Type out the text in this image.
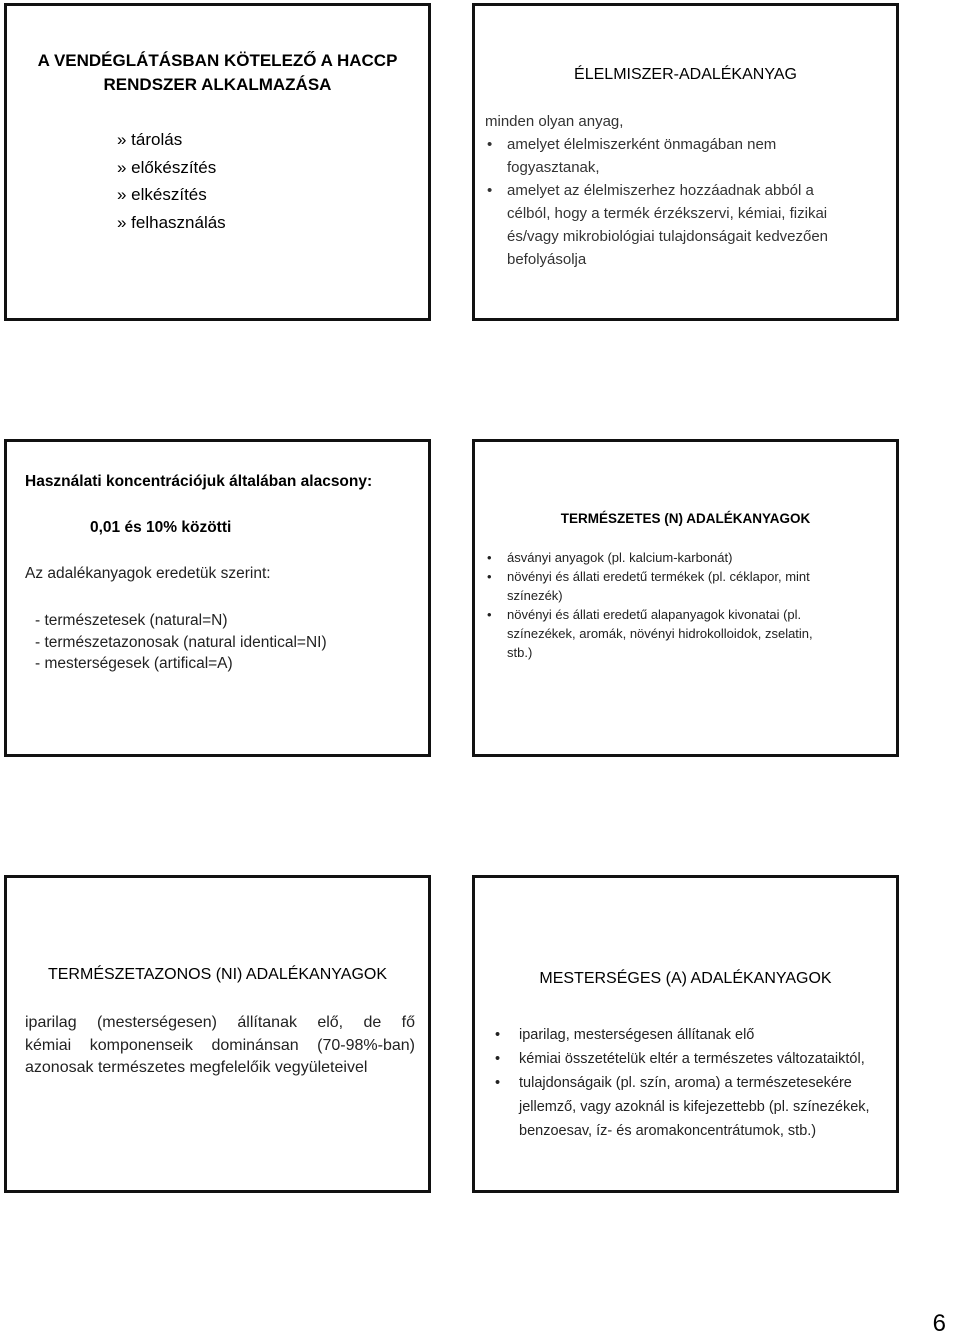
A VENDÉGLÁTÁSBAN KÖTELEZŐ A HACCP
RENDSZER ALKALMAZÁSA
» tárolás
» előkészítés
» elkészítés
» felhasználás
ÉLELMISZER-ADALÉKANYAG
minden olyan anyag,
• amelyet élelmiszerként önmagában nem
fogyasztanak,
• amelyet az élelmiszerhez hozzáadnak abból a
célból, hogy a termék érzékszervi, kémiai, fizikai
és/vagy mikrobiológiai tulajdonságait kedvezően
befolyásolja
Használati koncentrációjuk általában alacsony:
0,01 és 10% közötti
Az adalékanyagok eredetük szerint:
- természetesek (natural=N)
- természetazonosak (natural identical=NI)
- mesterségesek (artifical=A)
TERMÉSZETES (N) ADALÉKANYAGOK
• ásványi anyagok (pl. kalcium-karbonát)
• növényi és állati eredetű termékek (pl. céklapor, mint
színezék)
• növényi és állati eredetű alapanyagok kivonatai (pl.
színezékek, aromák, növényi hidrokolloidok, zselatin,
stb.)
TERMÉSZETAZONOS (NI) ADALÉKANYAGOK
iparilag (mesterségesen) állítanak elő, de fő
kémiai komponenseik dominánsan (70-98%-ban)
azonosak természetes megfelelőik vegyületeivel
MESTERSÉGES (A) ADALÉKANYAGOK
• iparilag, mesterségesen állítanak elő
• kémiai összetételük eltér a természetes változataiktól,
• tulajdonságaik (pl. szín, aroma) a természetesekére
jellemző, vagy azoknál is kifejezettebb (pl. színezékek,
benzoesav, íz- és aromakoncentrátumok, stb.)
6
